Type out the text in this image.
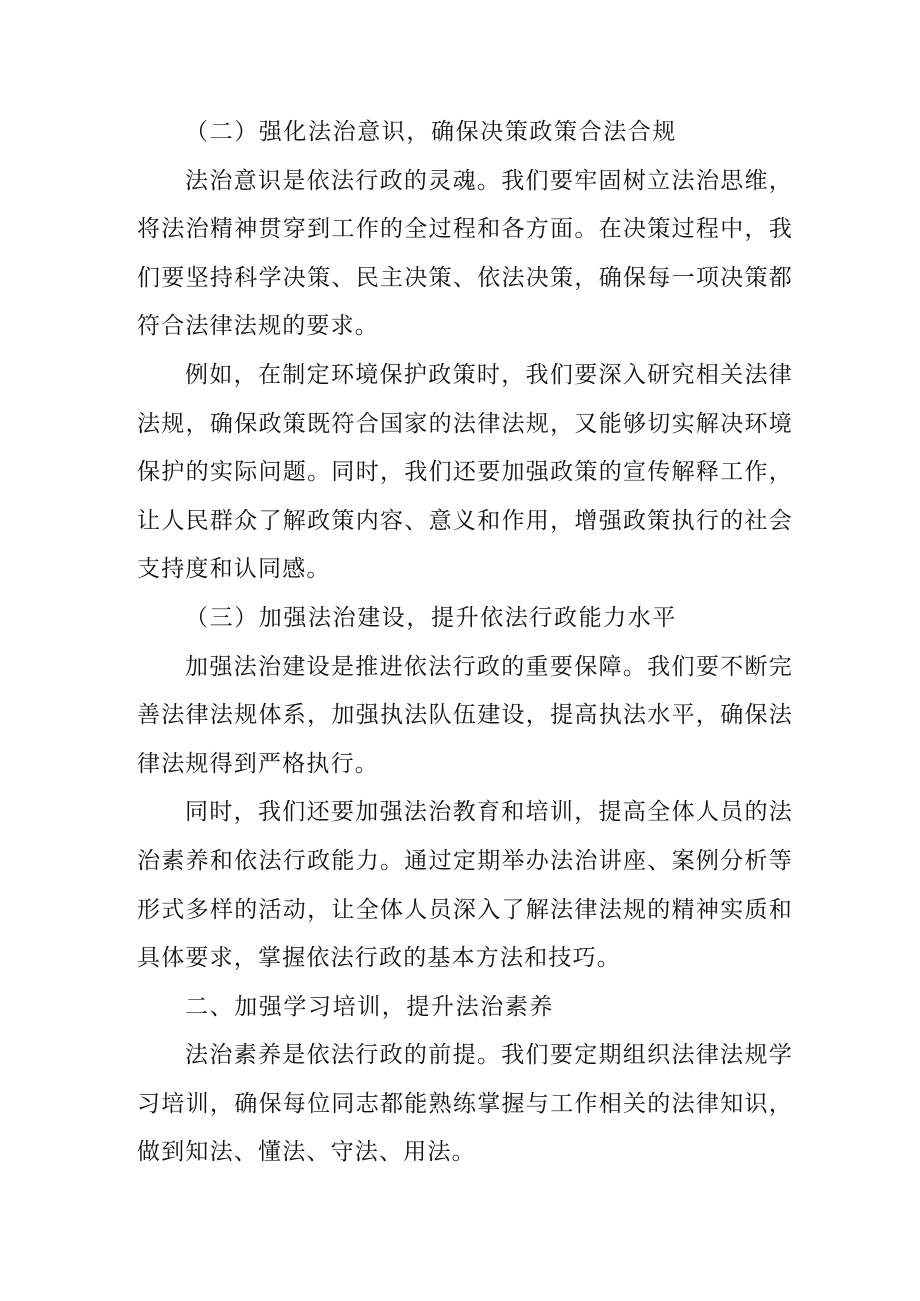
（二）强化法治意识，确保决策政策合法合规
法治意识是依法行政的灵魂。我们要牢固树立法治思维，
将法治精神贯穿到工作的全过程和各方面。在决策过程中，我
们要坚持科学决策、民主决策、依法决策，确保每一项决策都
符合法律法规的要求。
例如，在制定环境保护政策时，我们要深入研究相关法律
法规，确保政策既符合国家的法律法规，又能够切实解决环境
保护的实际问题。同时，我们还要加强政策的宣传解释工作，
让人民群众了解政策内容、意义和作用，增强政策执行的社会
支持度和认同感。
（三）加强法治建设，提升依法行政能力水平
加强法治建设是推进依法行政的重要保障。我们要不断完
善法律法规体系，加强执法队伍建设，提高执法水平，确保法
律法规得到严格执行。
同时，我们还要加强法治教育和培训，提高全体人员的法
治素养和依法行政能力。通过定期举办法治讲座、案例分析等
形式多样的活动，让全体人员深入了解法律法规的精神实质和
具体要求，掌握依法行政的基本方法和技巧。
二、加强学习培训，提升法治素养
法治素养是依法行政的前提。我们要定期组织法律法规学
习培训，确保每位同志都能熟练掌握与工作相关的法律知识，
做到知法、懂法、守法、用法。
